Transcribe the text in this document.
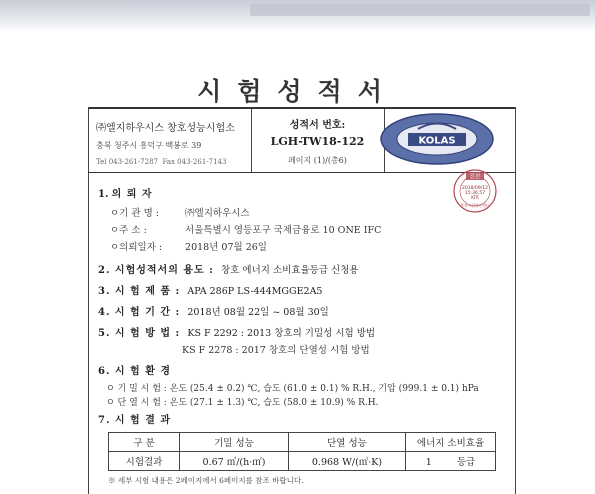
시험성적서
㈜엘지하우시스 창호성능시험소
충북 청주시 흥덕구 백봉로 39
Tel 043-261-7287 Fax 043-261-7143
성적서 번호:
LGH-TW18-122
페이지 (1)/(총6)
KOLAS
진본
2018/09/12
15:36:57
KTR
충북시험확인센터
1. 의 뢰 자
ㅇ기 관 명 :	㈜엘지하우시스
ㅇ주 소 :	서울특별시 영등포구 국제금융로 10 ONE IFC
ㅇ의뢰일자 : 2018년 07월 26일
2. 시험성적서의 용도 : 창호 에너지 소비효율등급 신청용
3. 시 험 제 품 : APA 286P LS-444MGGE2A5
4. 시 험 기 간 : 2018년 08월 22일 ~ 08월 30일
5. 시 험 방 법 : KS F 2292 : 2013 창호의 기밀성 시험 방법
KS F 2278 : 2017 창호의 단열성 시험 방법
6. 시 험 환 경
ㅇ 기 밀 시 험 : 온도 (25.4 ± 0.2) ℃, 습도 (61.0 ± 0.1) % R.H., 기압 (999.1 ± 0.1) hPa
ㅇ 단 열 시 험 : 온도 (27.1 ± 1.3) ℃, 습도 (58.0 ± 10.9) % R.H.
7. 시 험 결 과
구 분	기밀 성능	단열 성능	에너지 소비효율
시험결과	0.67 ㎥/(h·㎡)	0.968 W/(㎡·K)	1 등급
※ 세부 시험 내용은 2페이지에서 6페이지를 참조 바랍니다.
